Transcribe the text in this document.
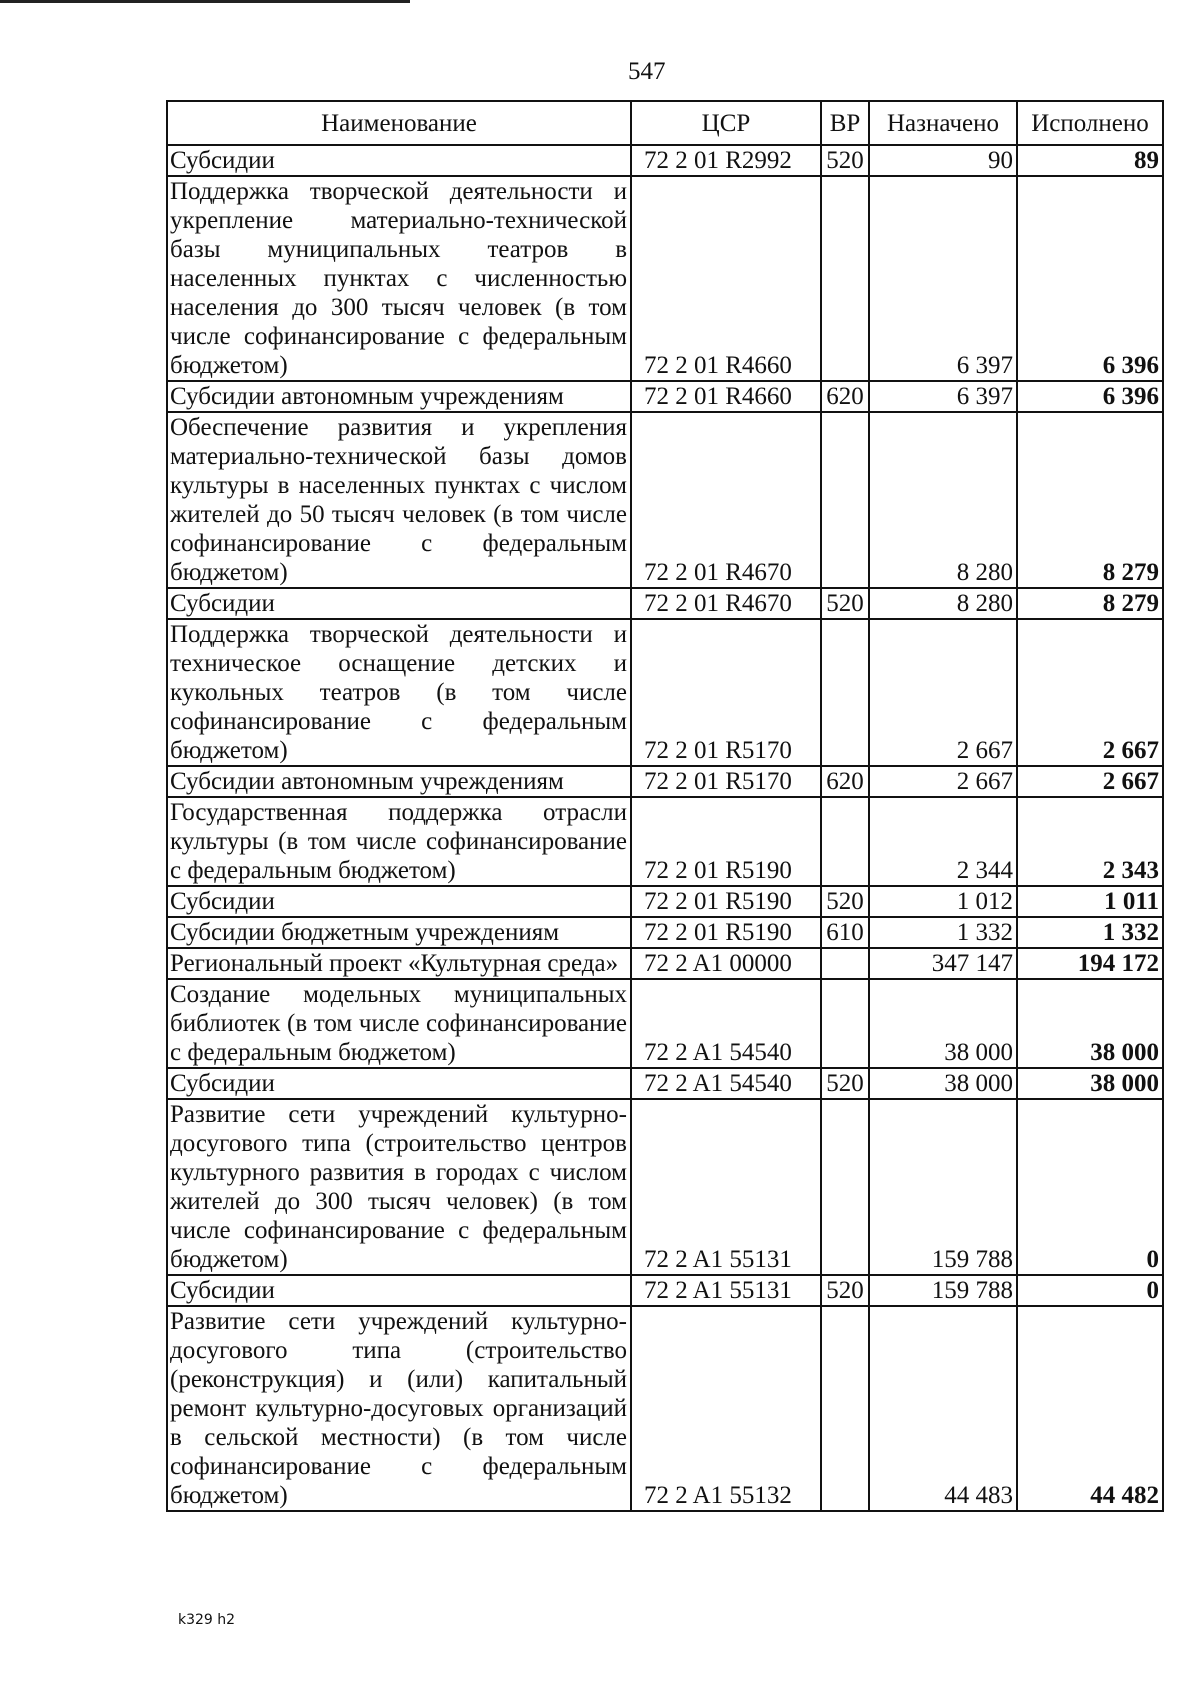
547
Наименование	ЦСР	ВР	Назначено	Исполнено
Субсидии	72 2 01 R2992	520	90	89
Поддержка творческой деятельности и укрепление материально-технической базы муниципальных театров в населенных пунктах с численностью населения до 300 тысяч человек (в том числе софинансирование с федеральным бюджетом)	72 2 01 R4660		6 397	6 396
Субсидии автономным учреждениям	72 2 01 R4660	620	6 397	6 396
Обеспечение развития и укрепления материально-технической базы домов культуры в населенных пунктах с числом жителей до 50 тысяч человек (в том числе софинансирование с федеральным бюджетом)	72 2 01 R4670		8 280	8 279
Субсидии	72 2 01 R4670	520	8 280	8 279
Поддержка творческой деятельности и техническое оснащение детских и кукольных театров (в том числе софинансирование с федеральным бюджетом)	72 2 01 R5170		2 667	2 667
Субсидии автономным учреждениям	72 2 01 R5170	620	2 667	2 667
Государственная поддержка отрасли культуры (в том числе софинансирование с федеральным бюджетом)	72 2 01 R5190		2 344	2 343
Субсидии	72 2 01 R5190	520	1 012	1 011
Субсидии бюджетным учреждениям	72 2 01 R5190	610	1 332	1 332
Региональный проект «Культурная среда»	72 2 A1 00000		347 147	194 172
Создание модельных муниципальных библиотек (в том числе софинансирование с федеральным бюджетом)	72 2 A1 54540		38 000	38 000
Субсидии	72 2 A1 54540	520	38 000	38 000
Развитие сети учреждений культурно-досугового типа (строительство центров культурного развития в городах с числом жителей до 300 тысяч человек) (в том числе софинансирование с федеральным бюджетом)	72 2 A1 55131		159 788	0
Субсидии	72 2 A1 55131	520	159 788	0
Развитие сети учреждений культурно-досугового типа (строительство (реконструкция) и (или) капитальный ремонт культурно-досуговых организаций в сельской местности) (в том числе софинансирование с федеральным бюджетом)	72 2 A1 55132		44 483	44 482
k329 h2
